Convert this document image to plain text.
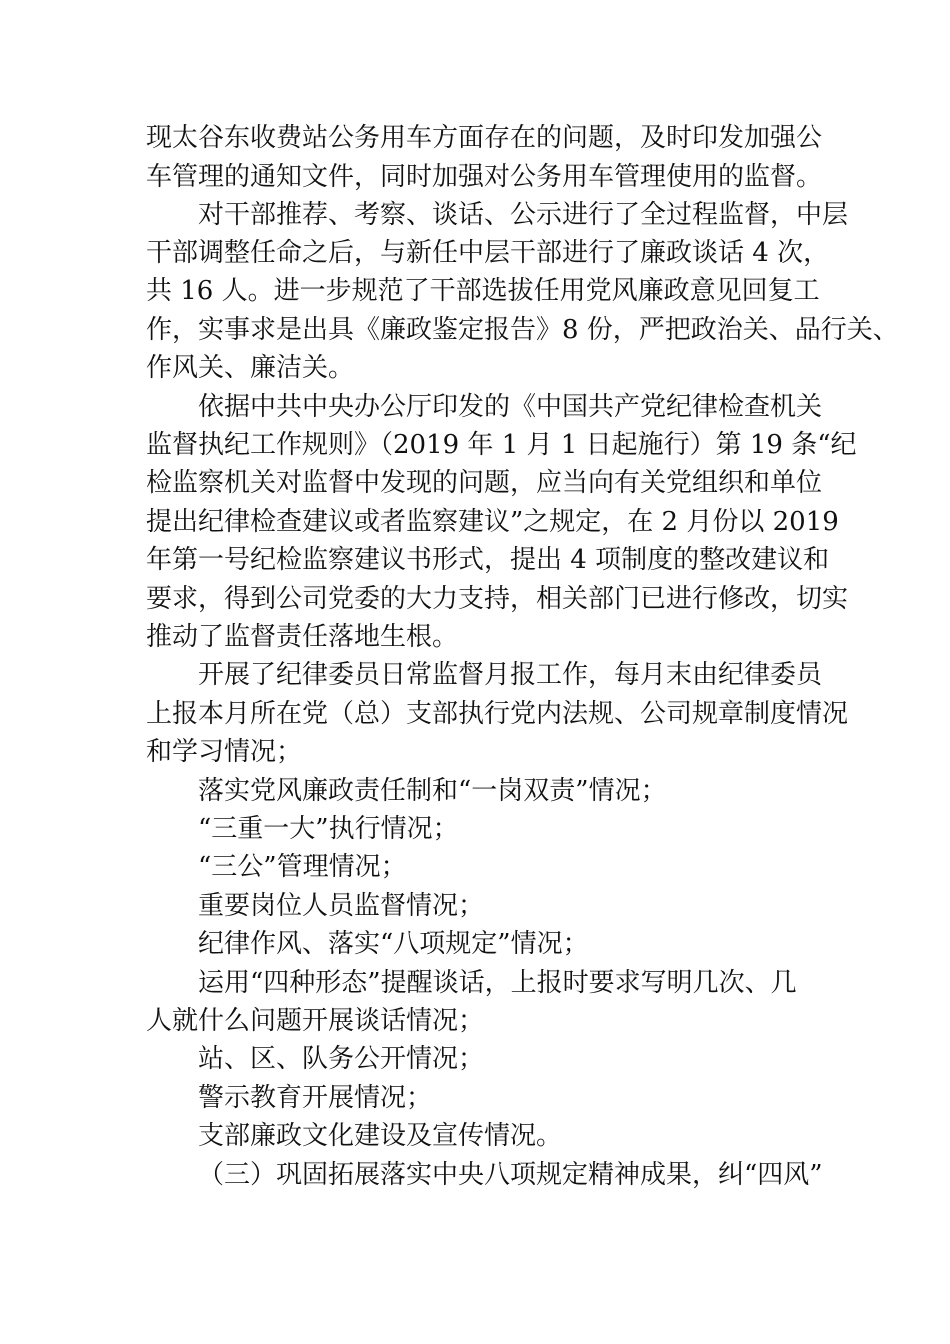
现太谷东收费站公务用车方面存在的问题，及时印发加强公
车管理的通知文件，同时加强对公务用车管理使用的监督。
对干部推荐、考察、谈话、公示进行了全过程监督，中层
干部调整任命之后，与新任中层干部进行了廉政谈话 4 次，
共 16 人。进一步规范了干部选拔任用党风廉政意见回复工
作，实事求是出具《廉政鉴定报告》8 份，严把政治关、品行关、
作风关、廉洁关。
依据中共中央办公厅印发的《中国共产党纪律检查机关
监督执纪工作规则》（2019 年 1 月 1 日起施行）第 19 条“纪
检监察机关对监督中发现的问题，应当向有关党组织和单位
提出纪律检查建议或者监察建议”之规定，在 2 月份以 2019
年第一号纪检监察建议书形式，提出 4 项制度的整改建议和
要求，得到公司党委的大力支持，相关部门已进行修改，切实
推动了监督责任落地生根。
开展了纪律委员日常监督月报工作，每月末由纪律委员
上报本月所在党（总）支部执行党内法规、公司规章制度情况
和学习情况；
落实党风廉政责任制和“一岗双责”情况；
“三重一大”执行情况；
“三公”管理情况；
重要岗位人员监督情况；
纪律作风、落实“八项规定”情况；
运用“四种形态”提醒谈话，上报时要求写明几次、几
人就什么问题开展谈话情况；
站、区、队务公开情况；
警示教育开展情况；
支部廉政文化建设及宣传情况。
（三）巩固拓展落实中央八项规定精神成果，纠“四风”
